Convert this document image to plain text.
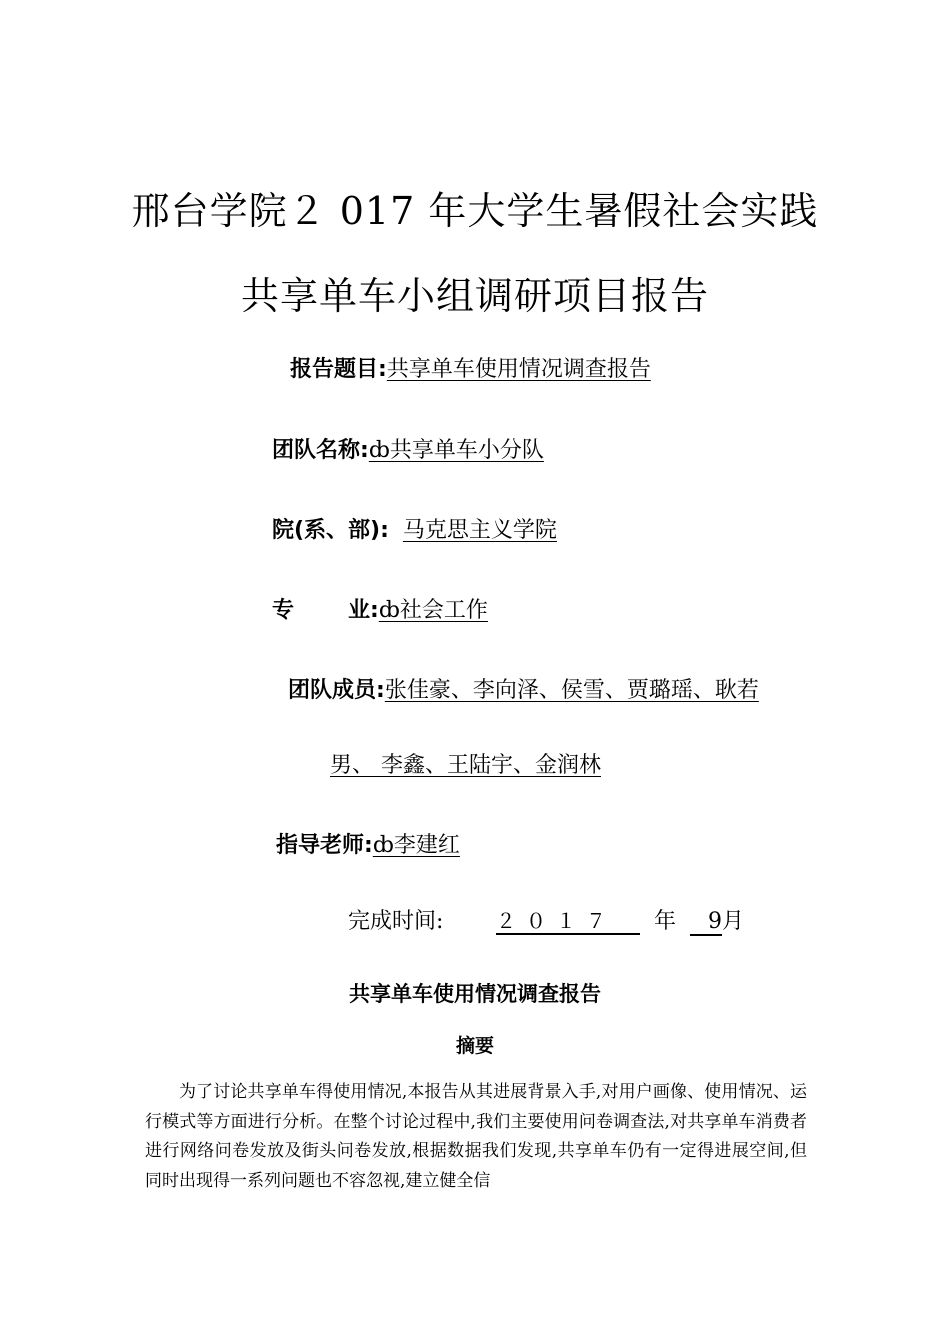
邢台学院２ 017 年大学生暑假社会实践
共享单车小组调研项目报告
报告题目:共享单车使用情况调查报告
团队名称:ȸ共享单车小分队
院(系、部): 马克思主义学院
专 业:ȸ社会工作
团队成员:张佳豪、李向泽、侯雪、贾璐瑶、耿若
男、 李鑫、王陆宇、金润林
指导老师:ȸ李建红
完成时间:	２０１７ 年 9月
共享单车使用情况调查报告
摘要
为了讨论共享单车得使用情况,本报告从其进展背景入手,对用户画像、使用情况、运行模式等方面进行分析。在整个讨论过程中,我们主要使用问卷调查法,对共享单车消费者进行网络问卷发放及街头问卷发放,根据数据我们发现,共享单车仍有一定得进展空间,但同时出现得一系列问题也不容忽视,建立健全信
